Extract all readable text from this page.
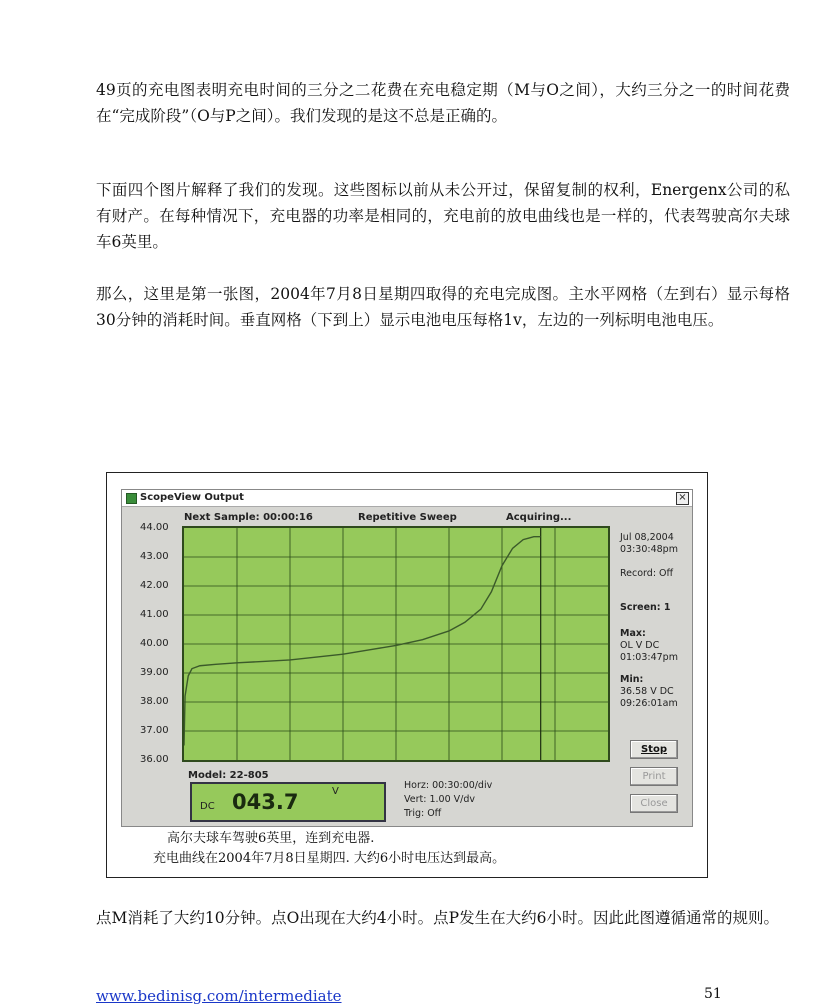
49页的充电图表明充电时间的三分之二花费在充电稳定期（M与O之间），大约三分之一的时间花费在“完成阶段”（O与P之间）。我们发现的是这不总是正确的。

下面四个图片解释了我们的发现。这些图标以前从未公开过，保留复制的权利，Energenx公司的私有财产。在每种情况下，充电器的功率是相同的，充电前的放电曲线也是一样的，代表驾驶高尔夫球车6英里。

那么，这里是第一张图，2004年7月8日星期四取得的充电完成图。主水平网格（左到右）显示每格30分钟的消耗时间。垂直网格（下到上）显示电池电压每格1v，左边的一列标明电池电压。

ScopeView Output	×
Next Sample: 00:00:16	Repetitive Sweep	Acquiring...
44.00
43.00
42.00
41.00
40.00
39.00
38.00
37.00
36.00
Jul 08,2004
03:30:48pm
Record: Off
Screen: 1
Max:
OL V DC
01:03:47pm
Min:
36.58 V DC
09:26:01am
Stop
Print
Close
Model: 22-805
DC 043.7	V
Horz: 00:30:00/div
Vert: 1.00 V/dv
Trig: Off
高尔夫球车驾驶6英里，连到充电器.
充电曲线在2004年7月8日星期四. 大约6小时电压达到最高。

点M消耗了大约10分钟。点O出现在大约4小时。点P发生在大约6小时。因此此图遵循通常的规则。

www.bedinisg.com/intermediate	51
